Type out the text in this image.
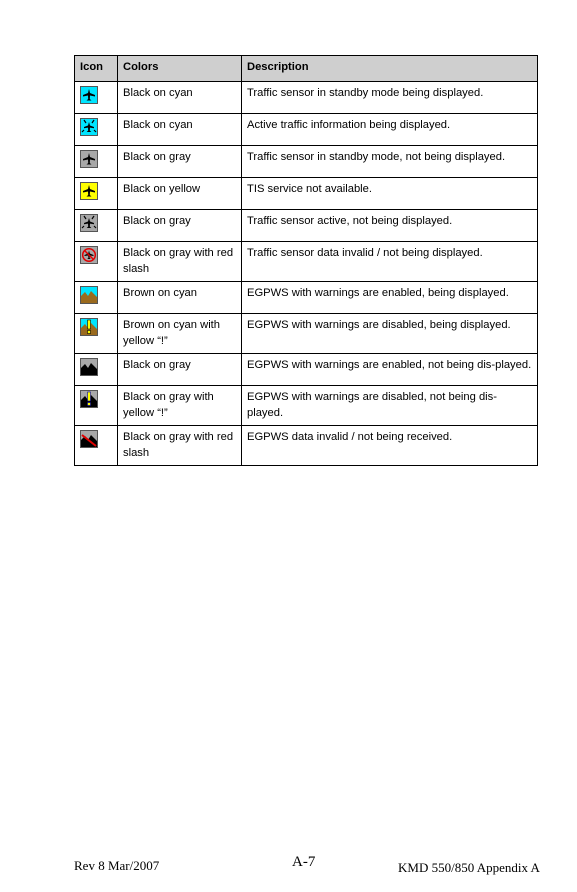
Icon	Colors	Description

	Black on cyan	Traffic sensor in standby mode being displayed.

	Black on cyan	Active traffic information being displayed.

	Black on gray	Traffic sensor in standby mode, not being displayed.

	Black on yellow	TIS service not available.

	Black on gray	Traffic sensor active, not being displayed.

	Black on gray with red slash	Traffic sensor data invalid / not being displayed.

	Brown on cyan	EGPWS with warnings are enabled, being displayed.

	Brown on cyan with yellow “!”	EGPWS with warnings are disabled, being displayed.

	Black on gray	EGPWS with warnings are enabled, not being dis-played.

	Black on gray with yellow “!”	EGPWS with warnings are disabled, not being dis-played.

	Black on gray with red slash	EGPWS data invalid / not being received.
Rev 8 Mar/2007	A-7	KMD 550/850 Appendix A
